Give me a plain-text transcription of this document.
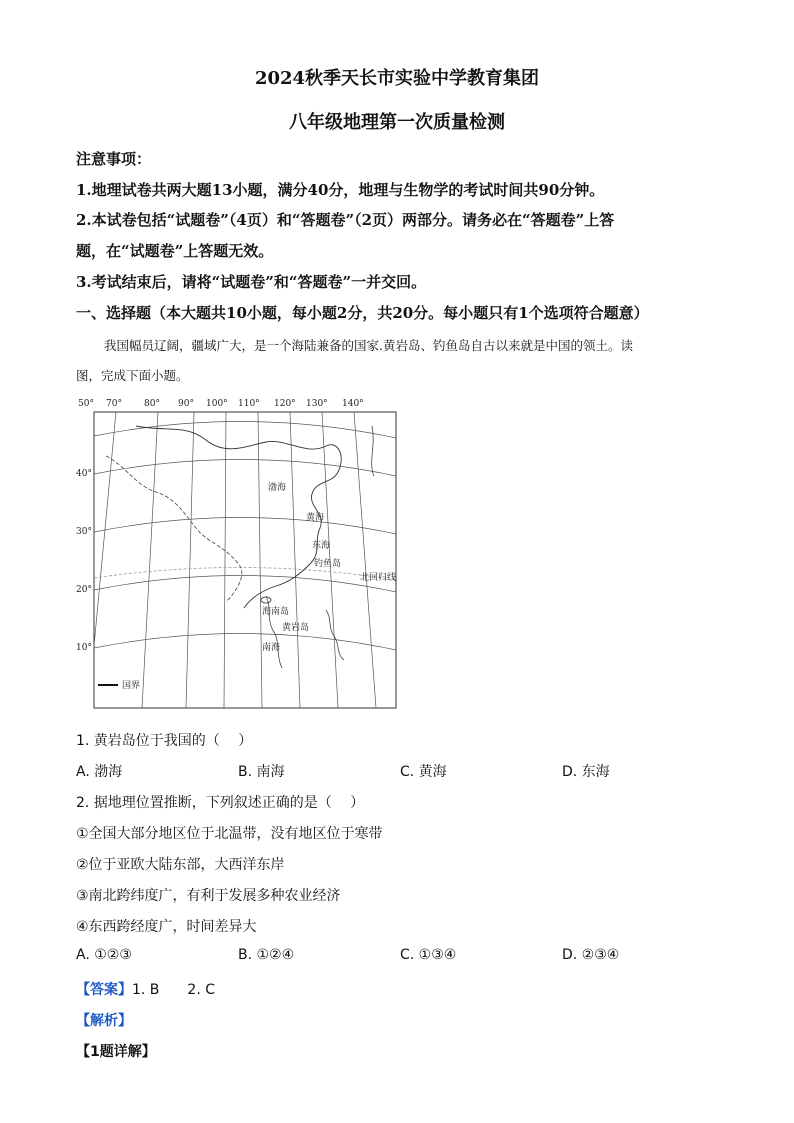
2024秋季天长市实验中学教育集团
八年级地理第一次质量检测
注意事项：
1.地理试卷共两大题13小题，满分40分，地理与生物学的考试时间共90分钟。
2.本试卷包括“试题卷”（4页）和“答题卷”（2页）两部分。请务必在“答题卷”上答
题，在“试题卷”上答题无效。
3.考试结束后，请将“试题卷”和“答题卷”一并交回。
一、选择题（本大题共10小题，每小题2分，共20分。每小题只有1个选项符合题意）
我国幅员辽阔，疆域广大，是一个海陆兼备的国家.黄岩岛、钓鱼岛自古以来就是中国的领土。读
图，完成下面小题。
50° 70° 80° 90° 100° 110° 120° 130° 140°
40°
30°
20°
10°
渤海
黄海
东海
钓鱼岛
北回归线
海南岛
黄岩岛
南海
国界
1. 黄岩岛位于我国的（　 ）
A. 渤海	B. 南海	C. 黄海	D. 东海
2. 据地理位置推断，下列叙述正确的是（　 ）
①全国大部分地区位于北温带，没有地区位于寒带
②位于亚欧大陆东部，大西洋东岸
③南北跨纬度广，有利于发展多种农业经济
④东西跨经度广，时间差异大
A. ①②③	B. ①②④	C. ①③④	D. ②③④
【答案】1. B　　2. C
【解析】
【1题详解】
